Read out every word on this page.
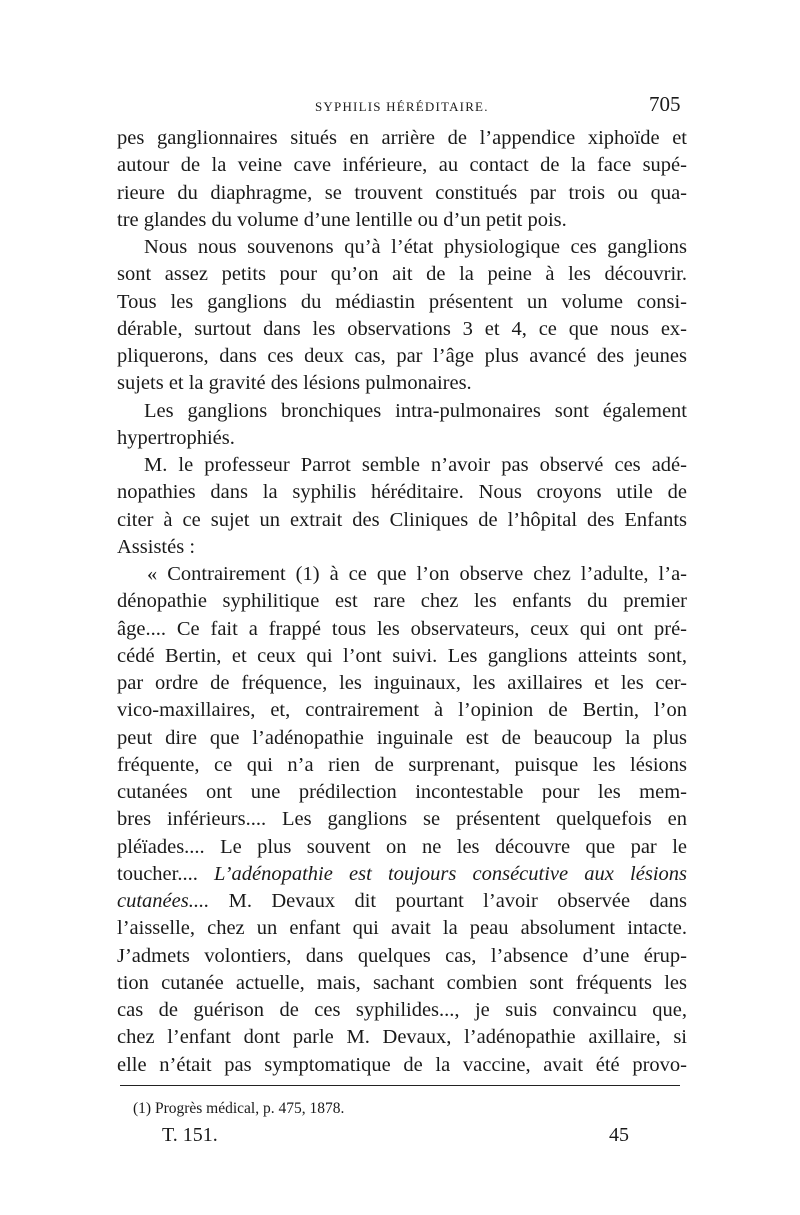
SYPHILIS HÉRÉDITAIRE.	705
pes ganglionnaires situés en arrière de l’appendice xiphoïde et
autour de la veine cave inférieure, au contact de la face supé-
rieure du diaphragme, se trouvent constitués par trois ou qua-
tre glandes du volume d’une lentille ou d’un petit pois.
Nous nous souvenons qu’à l’état physiologique ces ganglions
sont assez petits pour qu’on ait de la peine à les découvrir.
Tous les ganglions du médiastin présentent un volume consi-
dérable, surtout dans les observations 3 et 4, ce que nous ex-
pliquerons, dans ces deux cas, par l’âge plus avancé des jeunes
sujets et la gravité des lésions pulmonaires.
Les ganglions bronchiques intra-pulmonaires sont également
hypertrophiés.
M. le professeur Parrot semble n’avoir pas observé ces adé-
nopathies dans la syphilis héréditaire. Nous croyons utile de
citer à ce sujet un extrait des Cliniques de l’hôpital des Enfants
Assistés :
« Contrairement (1) à ce que l’on observe chez l’adulte, l’a-
dénopathie syphilitique est rare chez les enfants du premier
âge.... Ce fait a frappé tous les observateurs, ceux qui ont pré-
cédé Bertin, et ceux qui l’ont suivi. Les ganglions atteints sont,
par ordre de fréquence, les inguinaux, les axillaires et les cer-
vico-maxillaires, et, contrairement à l’opinion de Bertin, l’on
peut dire que l’adénopathie inguinale est de beaucoup la plus
fréquente, ce qui n’a rien de surprenant, puisque les lésions
cutanées ont une prédilection incontestable pour les mem-
bres inférieurs.... Les ganglions se présentent quelquefois en
pléïades.... Le plus souvent on ne les découvre que par le
toucher.... L’adénopathie est toujours consécutive aux lésions
cutanées.... M. Devaux dit pourtant l’avoir observée dans
l’aisselle, chez un enfant qui avait la peau absolument intacte.
J’admets volontiers, dans quelques cas, l’absence d’une érup-
tion cutanée actuelle, mais, sachant combien sont fréquents les
cas de guérison de ces syphilides..., je suis convaincu que,
chez l’enfant dont parle M. Devaux, l’adénopathie axillaire, si
elle n’était pas symptomatique de la vaccine, avait été provo-
(1) Progrès médical, p. 475, 1878.
T. 151.	45
